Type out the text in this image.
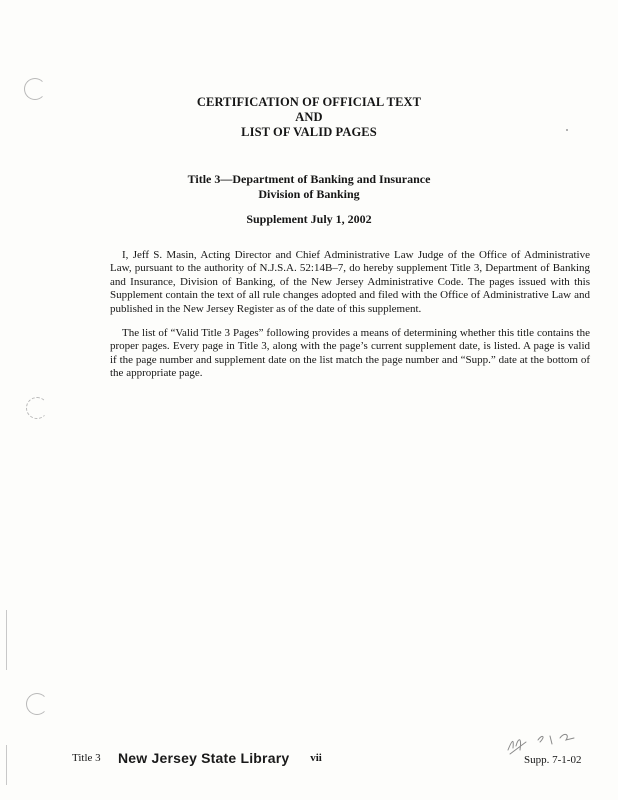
CERTIFICATION OF OFFICIAL TEXT
AND
LIST OF VALID PAGES
Title 3—Department of Banking and Insurance
Division of Banking
Supplement July 1, 2002

I, Jeff S. Masin, Acting Director and Chief Administrative Law Judge of the Office of Administrative Law, pursuant to the authority of N.J.S.A. 52:14B–7, do hereby supplement Title 3, Department of Banking and Insurance, Division of Banking, of the New Jersey Administrative Code. The pages issued with this Supplement contain the text of all rule changes adopted and filed with the Office of Administrative Law and published in the New Jersey Register as of the date of this supplement.

The list of “Valid Title 3 Pages” following provides a means of determining whether this title contains the proper pages. Every page in Title 3, along with the page’s current supplement date, is listed. A page is valid if the page number and supplement date on the list match the page number and “Supp.” date at the bottom of the appropriate page.

Title 3 New Jersey State Library	vii	Supp. 7-1-02
